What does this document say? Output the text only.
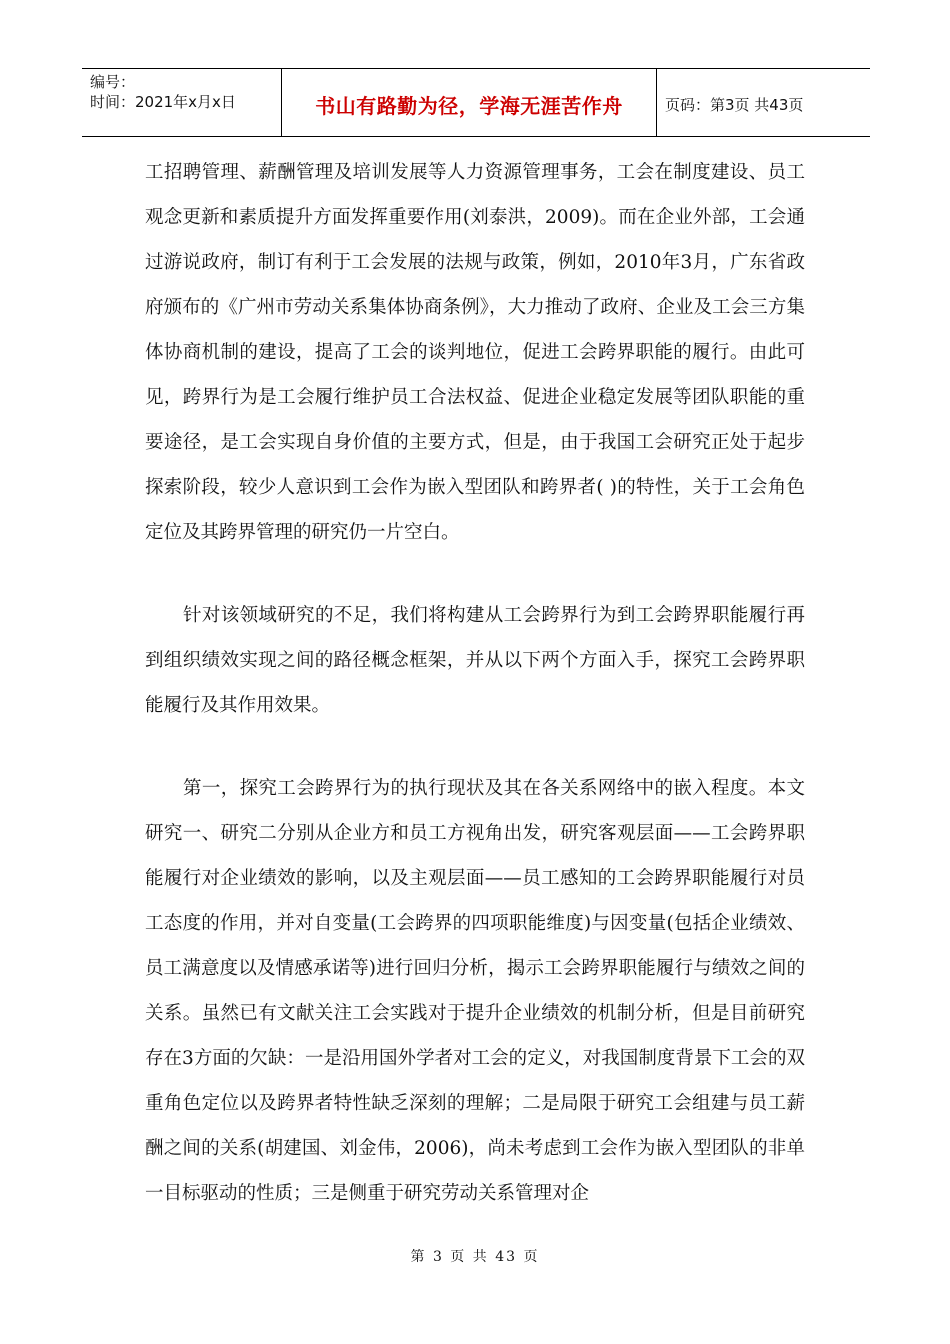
编号：
时间：2021年x月x日	书山有路勤为径，学海无涯苦作舟	页码：第3页 共43页

工招聘管理、薪酬管理及培训发展等人力资源管理事务，工会在制度建设、员工观念更新和素质提升方面发挥重要作用(刘泰洪，2009)。而在企业外部，工会通过游说政府，制订有利于工会发展的法规与政策，例如，2010年3月，广东省政府颁布的《广州市劳动关系集体协商条例》，大力推动了政府、企业及工会三方集体协商机制的建设，提高了工会的谈判地位，促进工会跨界职能的履行。由此可见，跨界行为是工会履行维护员工合法权益、促进企业稳定发展等团队职能的重要途径，是工会实现自身价值的主要方式，但是，由于我国工会研究正处于起步探索阶段，较少人意识到工会作为嵌入型团队和跨界者( )的特性，关于工会角色定位及其跨界管理的研究仍一片空白。

针对该领域研究的不足，我们将构建从工会跨界行为到工会跨界职能履行再到组织绩效实现之间的路径概念框架，并从以下两个方面入手，探究工会跨界职能履行及其作用效果。

第一，探究工会跨界行为的执行现状及其在各关系网络中的嵌入程度。本文研究一、研究二分别从企业方和员工方视角出发，研究客观层面——工会跨界职能履行对企业绩效的影响，以及主观层面——员工感知的工会跨界职能履行对员工态度的作用，并对自变量(工会跨界的四项职能维度)与因变量(包括企业绩效、员工满意度以及情感承诺等)进行回归分析，揭示工会跨界职能履行与绩效之间的关系。虽然已有文献关注工会实践对于提升企业绩效的机制分析，但是目前研究存在3方面的欠缺：一是沿用国外学者对工会的定义，对我国制度背景下工会的双重角色定位以及跨界者特性缺乏深刻的理解；二是局限于研究工会组建与员工薪酬之间的关系(胡建国、刘金伟，2006)，尚未考虑到工会作为嵌入型团队的非单一目标驱动的性质；三是侧重于研究劳动关系管理对企

第 3 页 共 43 页
